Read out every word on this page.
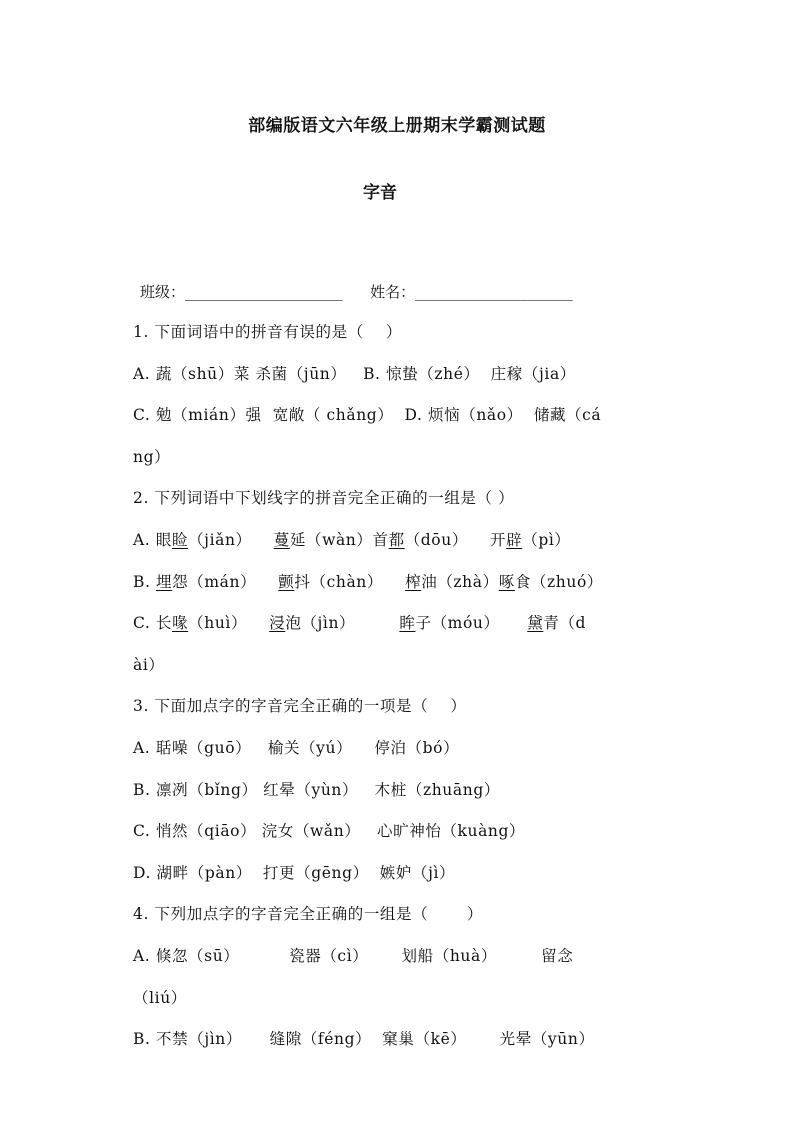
部编版语文六年级上册期末学霸测试题
字音
班级：_____________________ 姓名：_____________________
1. 下面词语中的拼音有误的是（    ）
A. 蔬（shū）菜 杀菌（jūn）   B. 惊蛰（zhé）  庄稼（jia）
C. 勉（mián）强  宽敞（ chǎng）  D. 烦恼（nǎo）  储藏（cá
ng）
2. 下列词语中下划线字的拼音完全正确的一组是（ ）
A. 眼睑（jiǎn）    蔓延（wàn）首都（dōu）    开辟（pì）
B. 埋怨（mán）    颤抖（chàn）    榨油（zhà）啄食（zhuó）
C. 长喙（huì）    浸泡（jìn）        眸子（móu）     黛青（d
ài）
3. 下面加点字的字音完全正确的一项是（    ）
A. 聒噪（guō）   榆关（yú）    停泊（bó）
B. 凛冽（bǐng） 红晕（yùn）   木桩（zhuāng）
C. 悄然（qiāo） 浣女（wǎn）   心旷神怡（kuàng）
D. 湖畔（pàn）  打更（gēng）  嫉妒（jì）
4. 下列加点字的字音完全正确的一组是（       ）
A. 倏忽（sū）         瓷器（cì）      划船（huà）        留念
（liú）
B. 不禁（jìn）     缝隙（féng）  窠巢（kē）      光晕（yūn）
